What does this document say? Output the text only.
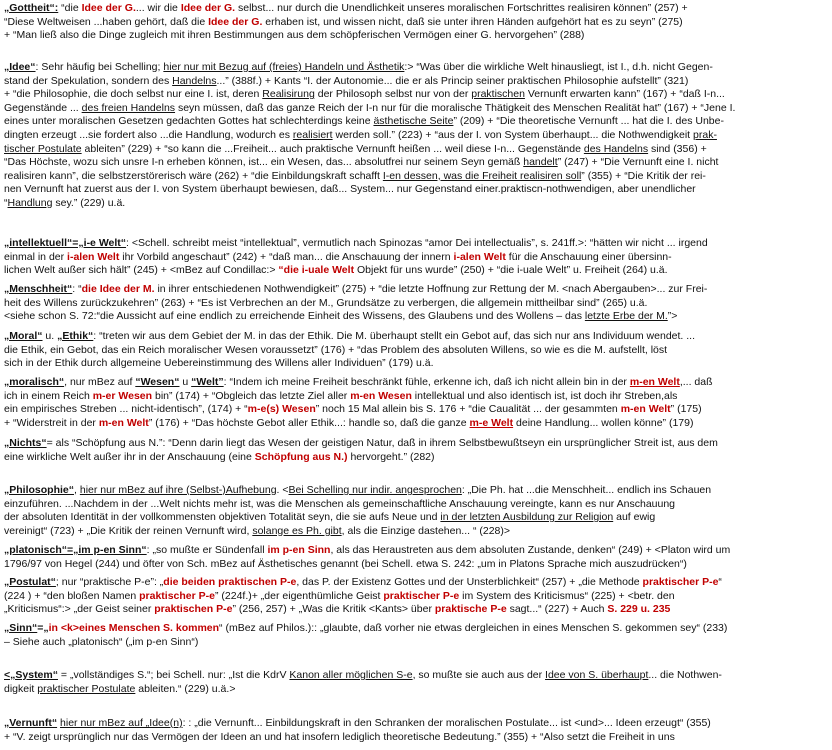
„Gottheit“: “die Idee der G.... wir die Idee der G. selbst... nur durch die Unendlichkeit unseres moralischen Fortschrittes realisiren können” (257) +
“Diese Weltweisen ...haben gehört, daß die Idee der G. erhaben ist, und wissen nicht, daß sie unter ihren Händen aufgehört hat es zu seyn” (275)
+ “Man ließ also die Dinge zugleich mit ihren Bestimmungen aus dem schöpferischen Vermögen einer G. hervorgehen” (288)
„Idee“: Sehr häufig bei Schelling; hier nur mit Bezug auf (freies) Handeln und Ästhetik:> “Was über die wirkliche Welt hinausliegt, ist I., d.h. nicht Gegen-
stand der Spekulation, sondern des Handelns...” (388f.) + Kants “I. der Autonomie... die er als Princip seiner praktischen Philosophie aufstellt” (321)
+ “die Philosophie, die doch selbst nur eine I. ist, deren Realisirung der Philosoph selbst nur von der praktischen Vernunft erwarten kann” (167) + “daß I-n...
Gegenstände ... des freien Handelns seyn müssen, daß das ganze Reich der I-n nur für die moralische Thätigkeit des Menschen Realität hat” (167) + “Jene I.
eines unter moralischen Gesetzen gedachten Gottes hat schlechterdings keine ästhetische Seite” (209) + “Die theoretische Vernunft ... hat die I. des Unbe-
dingten erzeugt ...sie fordert also ...die Handlung, wodurch es realisiert werden soll.” (223) + “aus der I. von System überhaupt... die Nothwendigkeit prak-
tischer Postulate ableiten” (229) + “so kann die ...Freiheit... auch praktische Vernunft heißen ... weil diese I-n... Gegenstände des Handelns sind (356) +
“Das Höchste, wozu sich unsre I-n erheben können, ist... ein Wesen, das... absolutfrei nur seinem Seyn gemäß handelt” (247) + “Die Vernunft eine I. nicht
realisiren kann”, die selbstzerstörerisch wäre (262) + “die Einbildungskraft schafft I-en dessen, was die Freiheit realisiren soll” (355) + “Die Kritik der rei-
nen Vernunft hat zuerst aus der I. von System überhaupt bewiesen, daß... System... nur Gegenstand einer.praktiscn-nothwendigen, aber unendlicher
“Handlung sey.” (229) u.ä.
„intellektuell“=„i-e Welt“: <Schell. schreibt meist “intellektual”, vermutlich nach Spinozas “amor Dei intellectualis”, s. 241ff.>: “hätten wir nicht ... irgend
einmal in der i-alen Welt ihr Vorbild angeschaut” (242) + “daß man... die Anschauung der innern i-alen Welt für die Anschauung einer übersinn-
lichen Welt außer sich hält” (245) + <mBez auf Condillac:> “die i-uale Welt Objekt für uns wurde” (250) + “die i-uale Welt” u. Freiheit (264) u.ä.
„Menschheit“: “die Idee der M. in ihrer entschiedenen Nothwendigkeit” (275) + “die letzte Hoffnung zur Rettung der M. <nach Abergauben>... zur Frei-
heit des Willens zurückzukehren” (263) + “Es ist Verbrechen an der M., Grundsätze zu verbergen, die allgemein mittheilbar sind” (265) u.ä.
<siehe schon S. 72:“die Aussicht auf eine endlich zu erreichende Einheit des Wissens, des Glaubens und des Wollens – das letzte Erbe der M.”>
„Moral“ u. „Ethik“: “treten wir aus dem Gebiet der M. in das der Ethik. Die M. überhaupt stellt ein Gebot auf, das sich nur ans Individuum wendet. ...
die Ethik, ein Gebot, das ein Reich moralischer Wesen voraussetzt” (176) + “das Problem des absoluten Willens, so wie es die M. aufstellt, löst
sich in der Ethik durch allgemeine Uebereinstimmung des Willens aller Individuen” (179) u.ä.
„moralisch“, nur mBez auf “Wesen“ u “Welt”: “Indem ich meine Freiheit beschränkt fühle, erkenne ich, daß ich nicht allein bin in der m-en Welt,... daß
ich in einem Reich m-er Wesen bin” (174) + “Obgleich das letzte Ziel aller m-en Wesen intellektual und also identisch ist, ist doch ihr Streben,als
ein empirisches Streben ... nicht-identisch”, (174) + “m-e(s) Wesen” noch 15 Mal allein bis S. 176 + “die Caualität ... der gesammten m-en Welt” (175)
+ “Widerstreit in der m-en Welt” (176) + “Das höchste Gebot aller Ethik...: handle so, daß die ganze m-e Welt deine Handlung... wollen könne” (179)
„Nichts“= als “Schöpfung aus N.”: “Denn darin liegt das Wesen der geistigen Natur, daß in ihrem Selbstbewußtseyn ein ursprünglicher Streit ist, aus dem
eine wirkliche Welt außer ihr in der Anschauung (eine Schöpfung aus N.) hervorgeht.” (282)
„Philosophie“, hier nur mBez auf ihre (Selbst-)Aufhebung. <Bei Schelling nur indir. angesprochen: „Die Ph. hat ...die Menschheit... endlich ins Schauen
einzuführen. ...Nachdem in der ...Welt nichts mehr ist, was die Menschen als gemeinschaftliche Anschauung vereingte, kann es nur Anschauung
der absoluten Identität in der vollkommensten objektiven Totalität seyn, die sie aufs Neue und in der letzten Ausbildung zur Religion auf ewig
vereinigt“ (723) + „Die Kritik der reinen Vernunft wird, solange es Ph. gibt, als die Einzige dastehen... “ (228)>
„platonisch“=„im p-en Sinn“: „so mußte er Sündenfall im p-en Sinn, als das Heraustreten aus dem absoluten Zustande, denken“ (249) + <Platon wird um
1796/97 von Hegel (244) und öfter von Sch. mBez auf Ästhetisches genannt (bei Schell. etwa S. 242: „um in Platons Sprache mich auszudrücken“)
„Postulat“; nur “praktische P-e”: „die beiden praktischen P-e, das P. der Existenz Gottes und der Unsterblichkeit“ (257) + „die Methode praktischer P-e“
(224 ) + “den bloßen Namen praktischer P-e” (224f.)+ „der eigenthümliche Geist praktischer P-e im System des Kriticismus“ (225) + <betr. den
„Kriticismus“:> „der Geist seiner praktischen P-e” (256, 257) + „Was die Kritik <Kants> über praktische P-e sagt...“ (227) + Auch S. 229 u. 235
„Sinn“=„in <k>eines Menschen S. kommen“ (mBez auf Philos.):: „glaubte, daß vorher nie etwas dergleichen in eines Menschen S. gekommen sey“ (233)
– Siehe auch „platonisch“ („im p-en Sinn“)
<„System“ = „vollständiges S.“; bei Schell. nur: „Ist die KdrV Kanon aller möglichen S-e, so mußte sie auch aus der Idee von S. überhaupt... die Nothwen-
digkeit praktischer Postulate ableiten.“ (229) u.ä.>
„Vernunft“ hier nur mBez auf „Idee(n): : „die Vernunft... Einbildungskraft in den Schranken der moralischen Postulate... ist <und>... Ideen erzeugt“ (355)
+ “V. zeigt ursprünglich nur das Vermögen der Ideen an und hat insofern lediglich theoretische Bedeutung.” (355) + “Also setzt die Freiheit in uns
